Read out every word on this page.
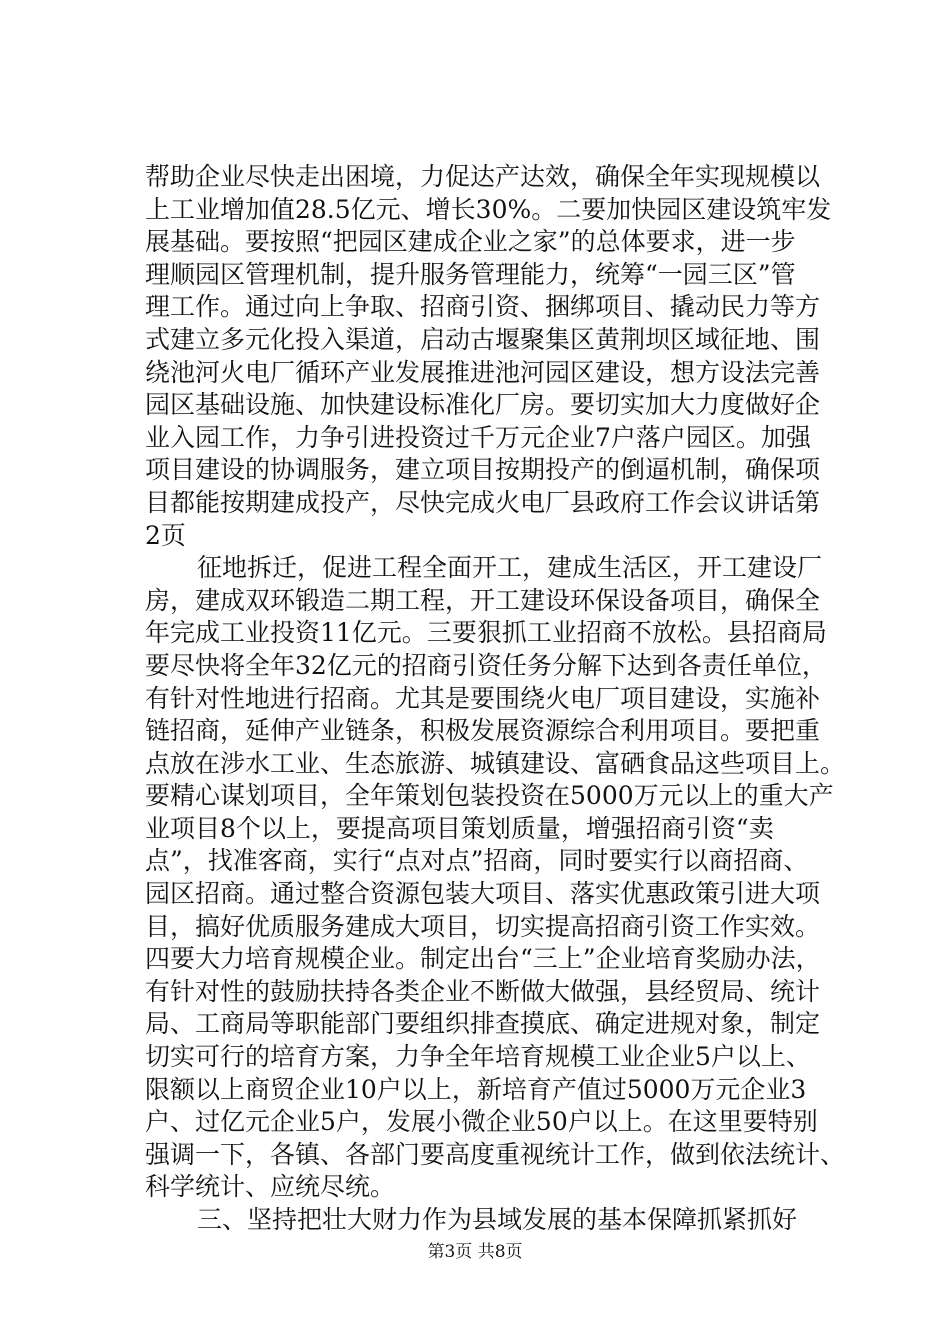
帮助企业尽快走出困境，力促达产达效，确保全年实现规模以
上工业增加值28.5亿元、增长30%。二要加快园区建设筑牢发
展基础。要按照“把园区建成企业之家”的总体要求，进一步
理顺园区管理机制，提升服务管理能力，统筹“一园三区”管
理工作。通过向上争取、招商引资、捆绑项目、撬动民力等方
式建立多元化投入渠道，启动古堰聚集区黄荆坝区域征地、围
绕池河火电厂循环产业发展推进池河园区建设，想方设法完善
园区基础设施、加快建设标准化厂房。要切实加大力度做好企
业入园工作，力争引进投资过千万元企业7户落户园区。加强
项目建设的协调服务，建立项目按期投产的倒逼机制，确保项
目都能按期建成投产，尽快完成火电厂县政府工作会议讲话第
2页
征地拆迁，促进工程全面开工，建成生活区，开工建设厂
房，建成双环锻造二期工程，开工建设环保设备项目，确保全
年完成工业投资11亿元。三要狠抓工业招商不放松。县招商局
要尽快将全年32亿元的招商引资任务分解下达到各责任单位，
有针对性地进行招商。尤其是要围绕火电厂项目建设，实施补
链招商，延伸产业链条，积极发展资源综合利用项目。要把重
点放在涉水工业、生态旅游、城镇建设、富硒食品这些项目上。
要精心谋划项目，全年策划包装投资在5000万元以上的重大产
业项目8个以上，要提高项目策划质量，增强招商引资“卖
点”，找准客商，实行“点对点”招商，同时要实行以商招商、
园区招商。通过整合资源包装大项目、落实优惠政策引进大项
目，搞好优质服务建成大项目，切实提高招商引资工作实效。
四要大力培育规模企业。制定出台“三上”企业培育奖励办法，
有针对性的鼓励扶持各类企业不断做大做强，县经贸局、统计
局、工商局等职能部门要组织排查摸底、确定进规对象，制定
切实可行的培育方案，力争全年培育规模工业企业5户以上、
限额以上商贸企业10户以上，新培育产值过5000万元企业3
户、过亿元企业5户，发展小微企业50户以上。在这里要特别
强调一下，各镇、各部门要高度重视统计工作，做到依法统计、
科学统计、应统尽统。
三、坚持把壮大财力作为县域发展的基本保障抓紧抓好
第3页 共8页
